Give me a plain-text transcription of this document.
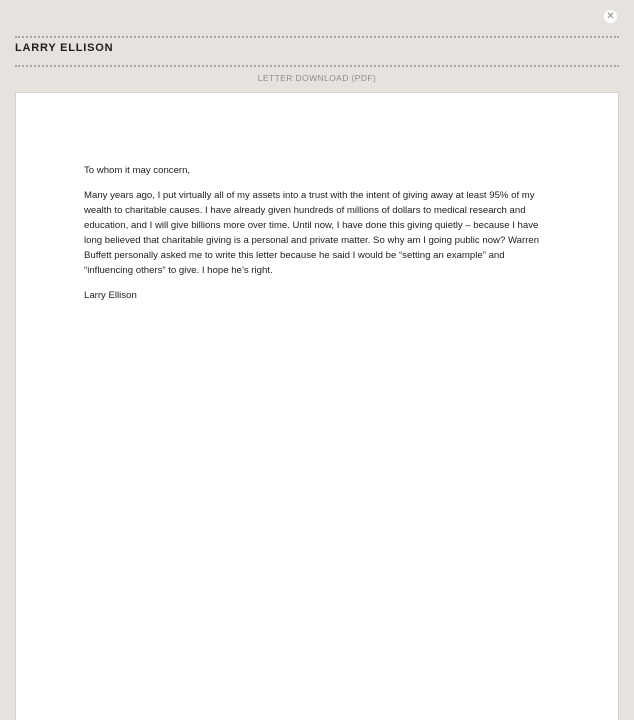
✕
LARRY ELLISON
LETTER DOWNLOAD (PDF)

To whom it may concern,

Many years ago, I put virtually all of my assets into a trust with the intent of giving away at least 95% of my wealth to charitable causes. I have already given hundreds of millions of dollars to medical research and education, and I will give billions more over time. Until now, I have done this giving quietly – because I have long believed that charitable giving is a personal and private matter. So why am I going public now? Warren Buffett personally asked me to write this letter because he said I would be “setting an example” and “influencing others” to give. I hope he’s right.

Larry Ellison
